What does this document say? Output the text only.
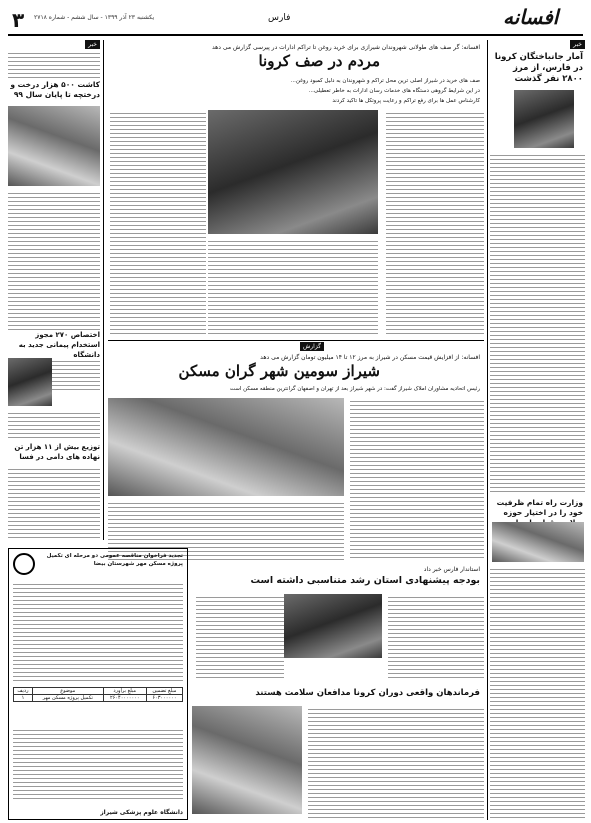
۳ یکشنبه ۲۳ آذر ۱۳۹۹ - سال ششم - شماره ۲۷۱۸	فارس	افسانه
خبر
آمار جانباختگان کرونا در فارس، از مرز ۲۸۰۰ نفر گذشت
وزارت راه تمام ظرفیت خود را در اختیار حوزه
خبر
کاشت ۵۰۰ هزار درخت و درختچه تا پایان سال ۹۹
اختصاص ۲۷۰ مجوز استخدام پیمانی جدید به دانشگاه
توزیع بیش از ۱۱ هزار تن نهاده های دامی در فسا
افسانه: گر صف های طولانی شهروندان شیرازی برای خرید روغن تا تراکم ادارات در پیرسی گزارش می دهد
مردم در صف کرونا
صف های خرید در شیراز اصلی ترین محل تراکم و شهروندان به دلیل کمبود روغن...
در این شرایط گروهی دستگاه های خدمات رسان ادارات به خاطر تعطیلی...
کارشناس عمل ها برای رفع تراکم و رعایت پروتکل ها تاکید کردند
گزارش
افسانه: از افزایش قیمت مسکن در شیراز به مرز ۱۲ تا ۱۴ میلیون تومان گزارش می دهد
شیراز سومین شهر گران مسکن
رئیس اتحادیه مشاوران املاک شیراز گفت: در شهر شیراز بعد از تهران و اصفهان گرانترین منطقه مسکن است
تجدید فراخوان مناقصه عمومی دو مرحله ای تکمیل پروژه مسکن مهر شهرستان بیضا
مبلغ تضمین	مبلغ برآورد	موضوع	ردیف
۶۰۳۰۰۰۰۰۰	۲۶۰۴۰۰۰۰۰۰۰	تکمیل پروژه مسکن مهر	۱
دانشگاه علوم پزشکی شیراز
استاندار فارس خبر داد
بودجه پیشنهادی استان رشد متناسبی داشته است
فرماندهان واقعی دوران کرونا مدافعان سلامت هستند
